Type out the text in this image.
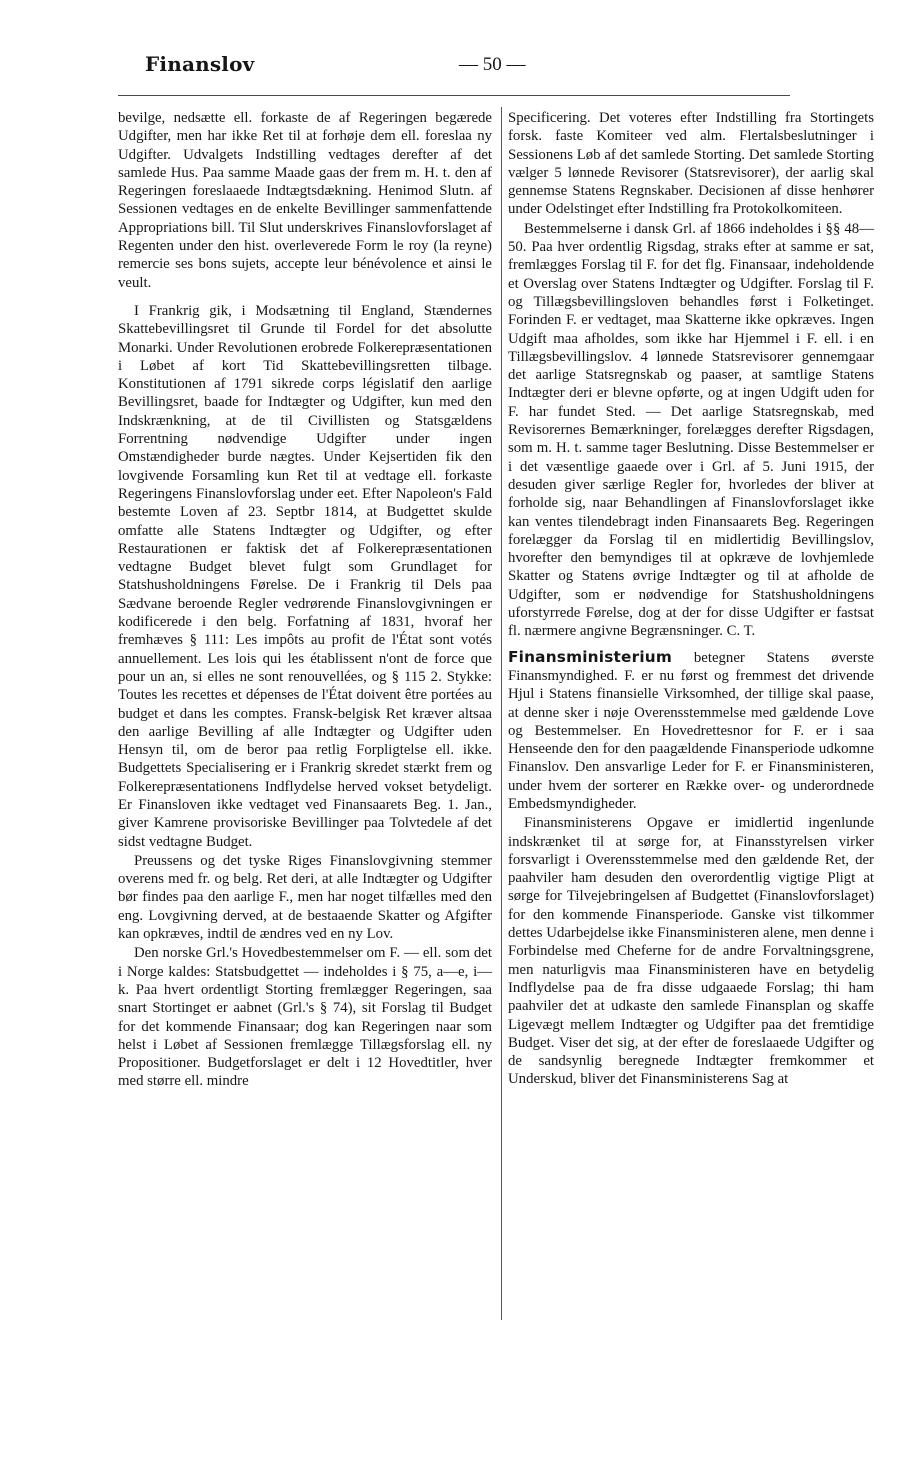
Finanslov	— 50 —

bevilge, nedsætte ell. forkaste de af Regeringen begærede Udgifter, men har ikke Ret til at forhøje dem ell. foreslaa ny Udgifter. Udvalgets Indstilling vedtages derefter af det samlede Hus. Paa samme Maade gaas der frem m. H. t. den af Regeringen foreslaaede Indtægtsdækning. Henimod Slutn. af Sessionen vedtages en de enkelte Bevillinger sammenfattende Appropriations bill. Til Slut underskrives Finanslovforslaget af Regenten under den hist. overleverede Form le roy (la reyne) remercie ses bons sujets, accepte leur bénévolence et ainsi le veult.

I Frankrig gik, i Modsætning til England, Stændernes Skattebevillingsret til Grunde til Fordel for det absolutte Monarki. Under Revolutionen erobrede Folkerepræsentationen i Løbet af kort Tid Skattebevillingsretten tilbage. Konstitutionen af 1791 sikrede corps législatif den aarlige Bevillingsret, baade for Indtægter og Udgifter, kun med den Indskrænkning, at de til Civillisten og Statsgældens Forrentning nødvendige Udgifter under ingen Omstændigheder burde nægtes. Under Kejsertiden fik den lovgivende Forsamling kun Ret til at vedtage ell. forkaste Regeringens Finanslovforslag under eet. Efter Napoleon's Fald bestemte Loven af 23. Septbr 1814, at Budgettet skulde omfatte alle Statens Indtægter og Udgifter, og efter Restaurationen er faktisk det af Folkerepræsentationen vedtagne Budget blevet fulgt som Grundlaget for Statshusholdningens Førelse. De i Frankrig til Dels paa Sædvane beroende Regler vedrørende Finanslovgivningen er kodificerede i den belg. Forfatning af 1831, hvoraf her fremhæves § 111: Les impôts au profit de l'État sont votés annuellement. Les lois qui les établissent n'ont de force que pour un an, si elles ne sont renouvellées, og § 115 2. Stykke: Toutes les recettes et dépenses de l'État doivent être portées au budget et dans les comptes. Fransk-belgisk Ret kræver altsaa den aarlige Bevilling af alle Indtægter og Udgifter uden Hensyn til, om de beror paa retlig Forpligtelse ell. ikke. Budgettets Specialisering er i Frankrig skredet stærkt frem og Folkerepræsentationens Indflydelse herved vokset betydeligt. Er Finansloven ikke vedtaget ved Finansaarets Beg. 1. Jan., giver Kamrene provisoriske Bevillinger paa Tolvtedele af det sidst vedtagne Budget.

Preussens og det tyske Riges Finanslovgivning stemmer overens med fr. og belg. Ret deri, at alle Indtægter og Udgifter bør findes paa den aarlige F., men har noget tilfælles med den eng. Lovgivning derved, at de bestaaende Skatter og Afgifter kan opkræves, indtil de ændres ved en ny Lov.

Den norske Grl.'s Hovedbestemmelser om F. — ell. som det i Norge kaldes: Statsbudgettet — indeholdes i § 75, a—e, i—k. Paa hvert ordentligt Storting fremlægger Regeringen, saa snart Stortinget er aabnet (Grl.'s § 74), sit Forslag til Budget for det kommende Finansaar; dog kan Regeringen naar som helst i Løbet af Sessionen fremlægge Tillægsforslag ell. ny Propositioner. Budgetforslaget er delt i 12 Hovedtitler, hver med større ell. mindre

Specificering. Det voteres efter Indstilling fra Stortingets forsk. faste Komiteer ved alm. Flertalsbeslutninger i Sessionens Løb af det samlede Storting. Det samlede Storting vælger 5 lønnede Revisorer (Statsrevisorer), der aarlig skal gennemse Statens Regnskaber. Decisionen af disse henhører under Odelstinget efter Indstilling fra Protokolkomiteen.

Bestemmelserne i dansk Grl. af 1866 indeholdes i §§ 48—50. Paa hver ordentlig Rigsdag, straks efter at samme er sat, fremlægges Forslag til F. for det flg. Finansaar, indeholdende et Overslag over Statens Indtægter og Udgifter. Forslag til F. og Tillægsbevillingsloven behandles først i Folketinget. Forinden F. er vedtaget, maa Skatterne ikke opkræves. Ingen Udgift maa afholdes, som ikke har Hjemmel i F. ell. i en Tillægsbevillingslov. 4 lønnede Statsrevisorer gennemgaar det aarlige Statsregnskab og paaser, at samtlige Statens Indtægter deri er blevne opførte, og at ingen Udgift uden for F. har fundet Sted. — Det aarlige Statsregnskab, med Revisorernes Bemærkninger, forelægges derefter Rigsdagen, som m. H. t. samme tager Beslutning. Disse Bestemmelser er i det væsentlige gaaede over i Grl. af 5. Juni 1915, der desuden giver særlige Regler for, hvorledes der bliver at forholde sig, naar Behandlingen af Finanslovforslaget ikke kan ventes tilendebragt inden Finansaarets Beg. Regeringen forelægger da Forslag til en midlertidig Bevillingslov, hvorefter den bemyndiges til at opkræve de lovhjemlede Skatter og Statens øvrige Indtægter og til at afholde de Udgifter, som er nødvendige for Statshusholdningens uforstyrrede Førelse, dog at der for disse Udgifter er fastsat fl. nærmere angivne Begrænsninger. C. T.

Finansministerium betegner Statens øverste Finansmyndighed. F. er nu først og fremmest det drivende Hjul i Statens finansielle Virksomhed, der tillige skal paase, at denne sker i nøje Overensstemmelse med gældende Love og Bestemmelser. En Hovedrettesnor for F. er i saa Henseende den for den paagældende Finansperiode udkomne Finanslov. Den ansvarlige Leder for F. er Finansministeren, under hvem der sorterer en Række over- og underordnede Embedsmyndigheder.

Finansministerens Opgave er imidlertid ingenlunde indskrænket til at sørge for, at Finansstyrelsen virker forsvarligt i Overensstemmelse med den gældende Ret, der paahviler ham desuden den overordentlig vigtige Pligt at sørge for Tilvejebringelsen af Budgettet (Finanslovforslaget) for den kommende Finansperiode. Ganske vist tilkommer dettes Udarbejdelse ikke Finansministeren alene, men denne i Forbindelse med Cheferne for de andre Forvaltningsgrene, men naturligvis maa Finansministeren have en betydelig Indflydelse paa de fra disse udgaaede Forslag; thi ham paahviler det at udkaste den samlede Finansplan og skaffe Ligevægt mellem Indtægter og Udgifter paa det fremtidige Budget. Viser det sig, at der efter de foreslaaede Udgifter og de sandsynlig beregnede Indtægter fremkommer et Underskud, bliver det Finansministerens Sag at
